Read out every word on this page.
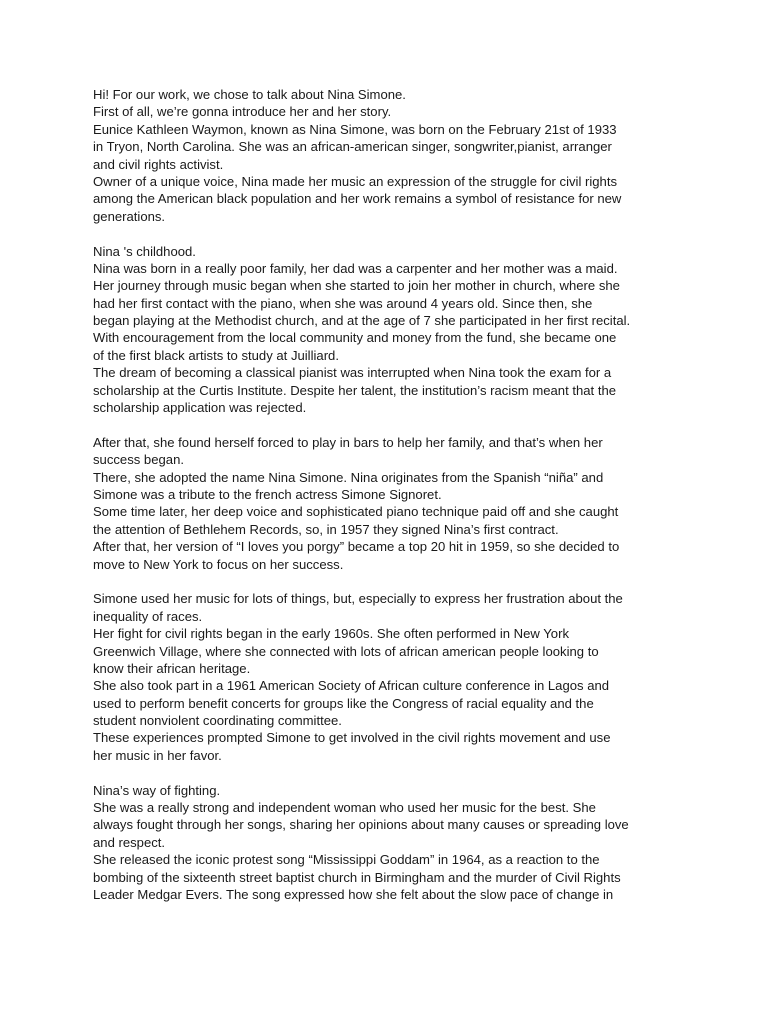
Hi! For our work, we chose to talk about Nina Simone.
First of all, we’re gonna introduce her and her story.
Eunice Kathleen Waymon, known as Nina Simone, was born on the February 21st of 1933
in Tryon, North Carolina. She was an african-american singer, songwriter,pianist, arranger
and civil rights activist.
Owner of a unique voice, Nina made her music an expression of the struggle for civil rights
among the American black population and her work remains a symbol of resistance for new
generations.
Nina 's childhood.
Nina was born in a really poor family, her dad was a carpenter and her mother was a maid.
Her journey through music began when she started to join her mother in church, where she
had her first contact with the piano, when she was around 4 years old. Since then, she
began playing at the Methodist church, and at the age of 7 she participated in her first recital.
With encouragement from the local community and money from the fund, she became one
of the first black artists to study at Juilliard.
The dream of becoming a classical pianist was interrupted when Nina took the exam for a
scholarship at the Curtis Institute. Despite her talent, the institution’s racism meant that the
scholarship application was rejected.
After that, she found herself forced to play in bars to help her family, and that’s when her
success began.
There, she adopted the name Nina Simone. Nina originates from the Spanish “niña” and
Simone was a tribute to the french actress Simone Signoret.
Some time later, her deep voice and sophisticated piano technique paid off and she caught
the attention of Bethlehem Records, so, in 1957 they signed Nina’s first contract.
After that, her version of “I loves you porgy” became a top 20 hit in 1959, so she decided to
move to New York to focus on her success.
Simone used her music for lots of things, but, especially to express her frustration about the
inequality of races.
Her fight for civil rights began in the early 1960s. She often performed in New York
Greenwich Village, where she connected with lots of african american people looking to
know their african heritage.
She also took part in a 1961 American Society of African culture conference in Lagos and
used to perform benefit concerts for groups like the Congress of racial equality and the
student nonviolent coordinating committee.
These experiences prompted Simone to get involved in the civil rights movement and use
her music in her favor.
Nina’s way of fighting.
She was a really strong and independent woman who used her music for the best. She
always fought through her songs, sharing her opinions about many causes or spreading love
and respect.
She released the iconic protest song “Mississippi Goddam” in 1964, as a reaction to the
bombing of the sixteenth street baptist church in Birmingham and the murder of Civil Rights
Leader Medgar Evers. The song expressed how she felt about the slow pace of change in
